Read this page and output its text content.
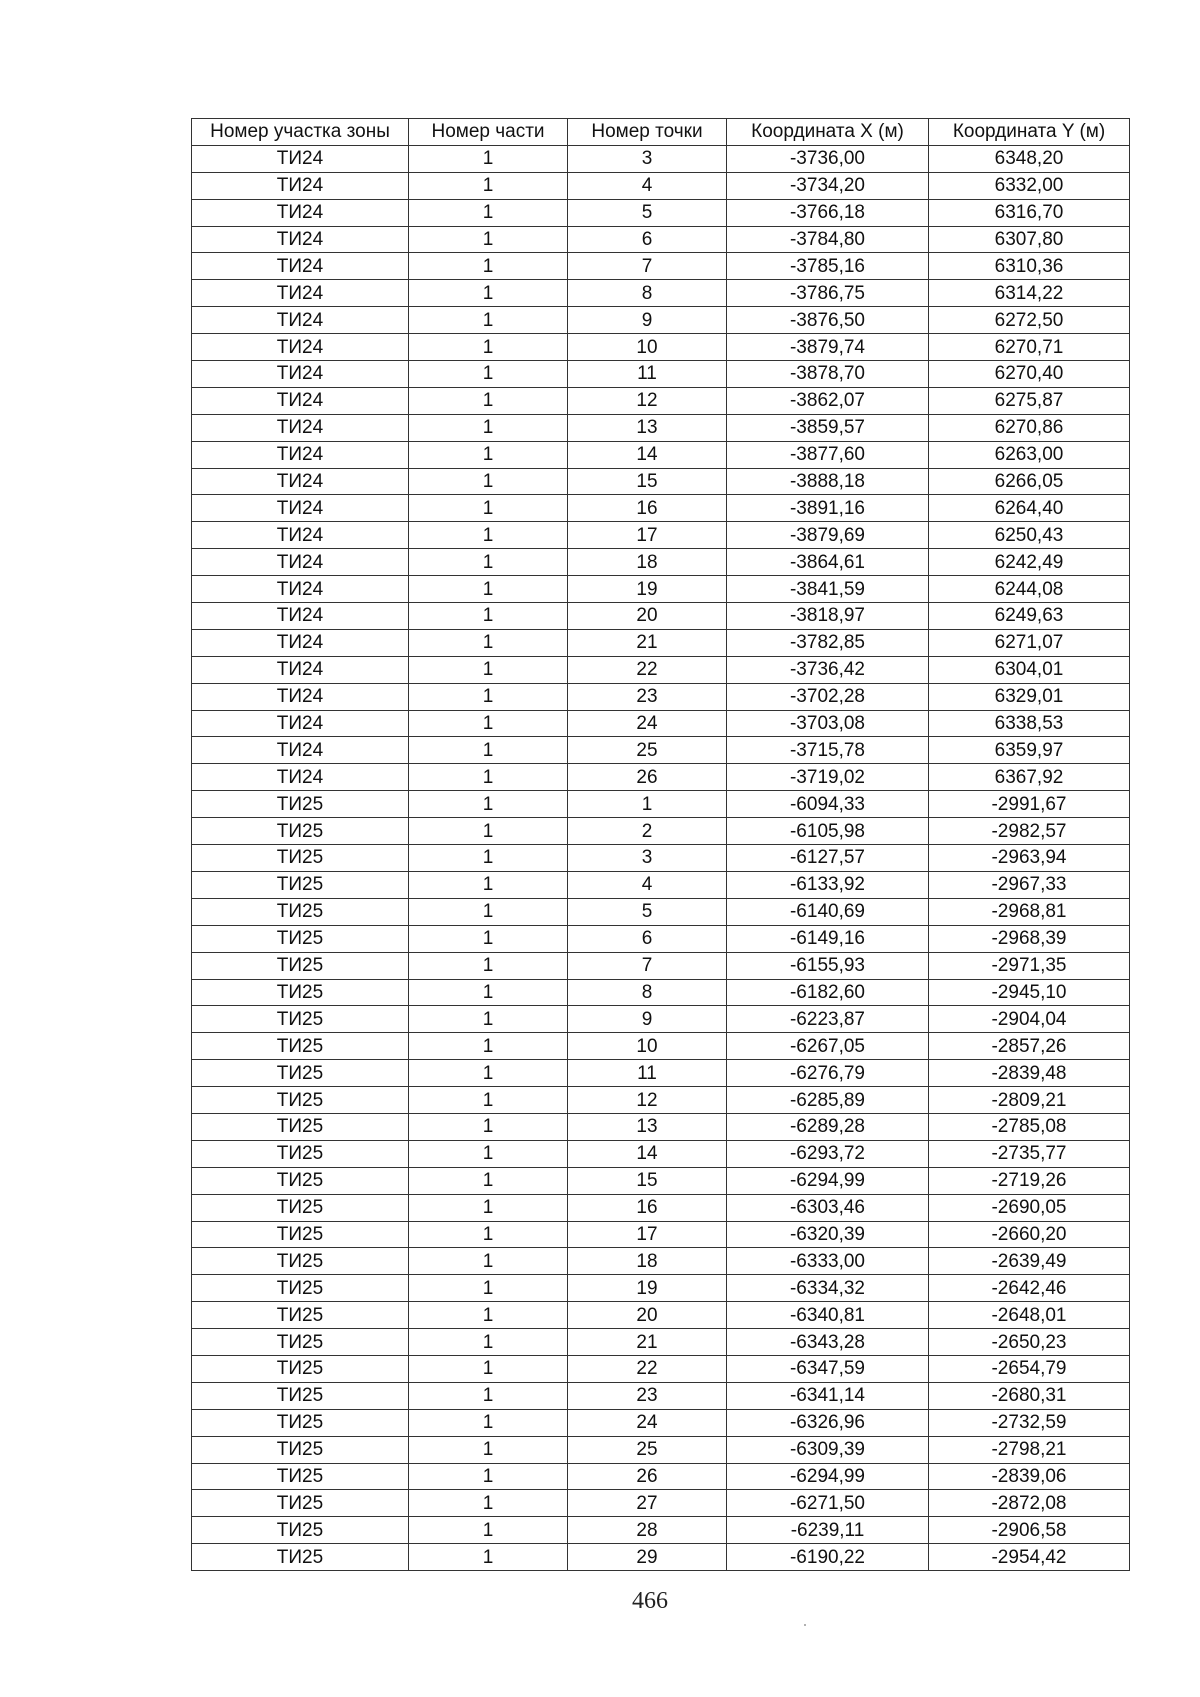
Номер участка зоны	Номер части	Номер точки	Координата X (м)	Координата Y (м)
ТИ24	1	3	-3736,00	6348,20
ТИ24	1	4	-3734,20	6332,00
ТИ24	1	5	-3766,18	6316,70
ТИ24	1	6	-3784,80	6307,80
ТИ24	1	7	-3785,16	6310,36
ТИ24	1	8	-3786,75	6314,22
ТИ24	1	9	-3876,50	6272,50
ТИ24	1	10	-3879,74	6270,71
ТИ24	1	11	-3878,70	6270,40
ТИ24	1	12	-3862,07	6275,87
ТИ24	1	13	-3859,57	6270,86
ТИ24	1	14	-3877,60	6263,00
ТИ24	1	15	-3888,18	6266,05
ТИ24	1	16	-3891,16	6264,40
ТИ24	1	17	-3879,69	6250,43
ТИ24	1	18	-3864,61	6242,49
ТИ24	1	19	-3841,59	6244,08
ТИ24	1	20	-3818,97	6249,63
ТИ24	1	21	-3782,85	6271,07
ТИ24	1	22	-3736,42	6304,01
ТИ24	1	23	-3702,28	6329,01
ТИ24	1	24	-3703,08	6338,53
ТИ24	1	25	-3715,78	6359,97
ТИ24	1	26	-3719,02	6367,92
ТИ25	1	1	-6094,33	-2991,67
ТИ25	1	2	-6105,98	-2982,57
ТИ25	1	3	-6127,57	-2963,94
ТИ25	1	4	-6133,92	-2967,33
ТИ25	1	5	-6140,69	-2968,81
ТИ25	1	6	-6149,16	-2968,39
ТИ25	1	7	-6155,93	-2971,35
ТИ25	1	8	-6182,60	-2945,10
ТИ25	1	9	-6223,87	-2904,04
ТИ25	1	10	-6267,05	-2857,26
ТИ25	1	11	-6276,79	-2839,48
ТИ25	1	12	-6285,89	-2809,21
ТИ25	1	13	-6289,28	-2785,08
ТИ25	1	14	-6293,72	-2735,77
ТИ25	1	15	-6294,99	-2719,26
ТИ25	1	16	-6303,46	-2690,05
ТИ25	1	17	-6320,39	-2660,20
ТИ25	1	18	-6333,00	-2639,49
ТИ25	1	19	-6334,32	-2642,46
ТИ25	1	20	-6340,81	-2648,01
ТИ25	1	21	-6343,28	-2650,23
ТИ25	1	22	-6347,59	-2654,79
ТИ25	1	23	-6341,14	-2680,31
ТИ25	1	24	-6326,96	-2732,59
ТИ25	1	25	-6309,39	-2798,21
ТИ25	1	26	-6294,99	-2839,06
ТИ25	1	27	-6271,50	-2872,08
ТИ25	1	28	-6239,11	-2906,58
ТИ25	1	29	-6190,22	-2954,42
466
